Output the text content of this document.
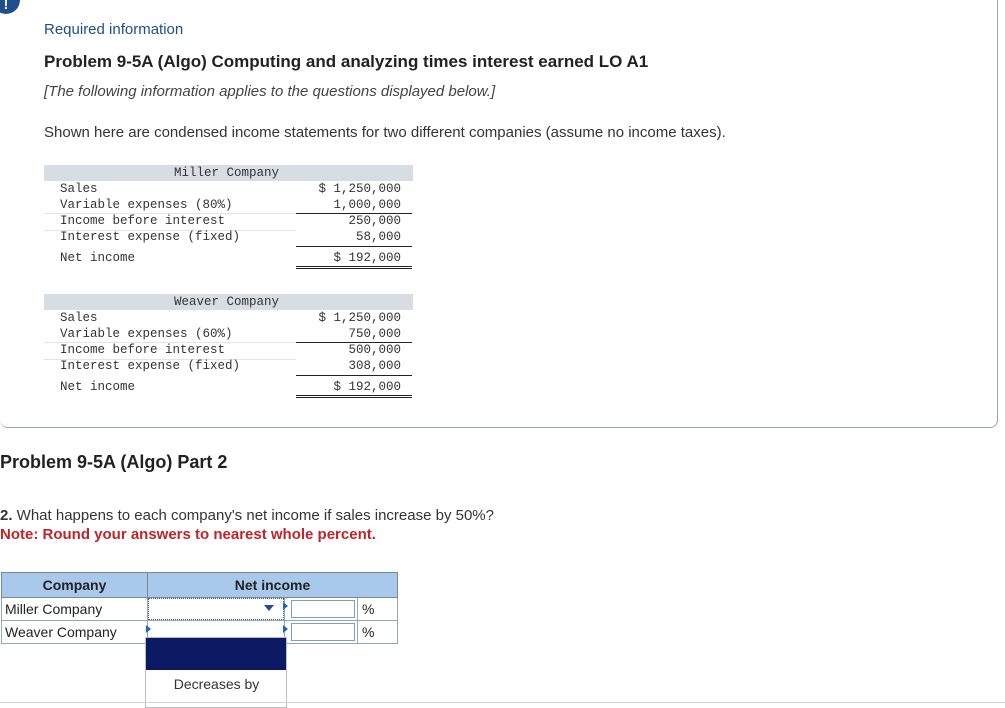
!
Required information
Problem 9-5A (Algo) Computing and analyzing times interest earned LO A1
[The following information applies to the questions displayed below.]
Shown here are condensed income statements for two different companies (assume no income taxes).
Miller Company
Sales	$ 1,250,000
Variable expenses (80%)	1,000,000
Income before interest	250,000
Interest expense (fixed)	58,000
Net income	$ 192,000
Weaver Company
Sales	$ 1,250,000
Variable expenses (60%)	750,000
Income before interest	500,000
Interest expense (fixed)	308,000
Net income	$ 192,000
Problem 9-5A (Algo) Part 2
2. What happens to each company's net income if sales increase by 50%?
Note: Round your answers to nearest whole percent.
Company	Net income		
Miller Company			%
Weaver Company			%
Decreases by
